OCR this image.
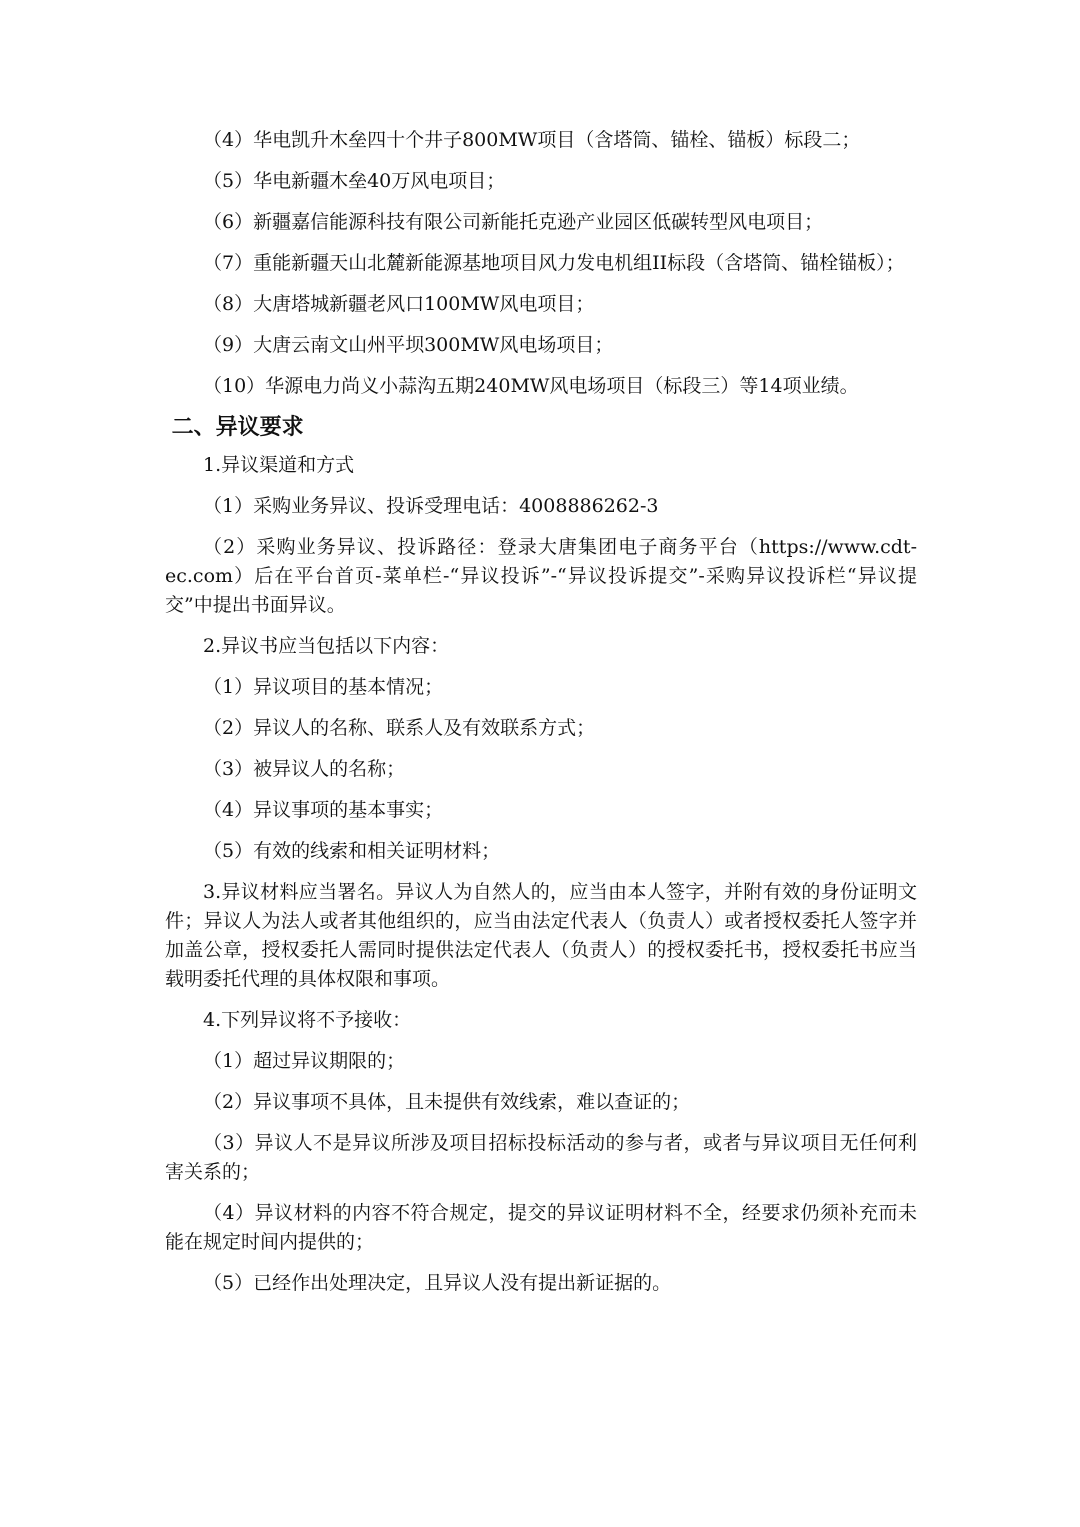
（4）华电凯升木垒四十个井子800MW项目（含塔筒、锚栓、锚板）标段二；

（5）华电新疆木垒40万风电项目；

（6）新疆嘉信能源科技有限公司新能托克逊产业园区低碳转型风电项目；

（7）重能新疆天山北麓新能源基地项目风力发电机组II标段（含塔筒、锚栓锚板）；

（8）大唐塔城新疆老风口100MW风电项目；

（9）大唐云南文山州平坝300MW风电场项目；

（10）华源电力尚义小蒜沟五期240MW风电场项目（标段三）等14项业绩。

二、异议要求

1.异议渠道和方式

（1）采购业务异议、投诉受理电话：4008886262-3

（2）采购业务异议、投诉路径：登录大唐集团电子商务平台（https://www.cdt-ec.com）后在平台首页-菜单栏-“异议投诉”-“异议投诉提交”-采购异议投诉栏“异议提交”中提出书面异议。

2.异议书应当包括以下内容：

（1）异议项目的基本情况；

（2）异议人的名称、联系人及有效联系方式；

（3）被异议人的名称；

（4）异议事项的基本事实；

（5）有效的线索和相关证明材料；

3.异议材料应当署名。异议人为自然人的，应当由本人签字，并附有效的身份证明文件；异议人为法人或者其他组织的，应当由法定代表人（负责人）或者授权委托人签字并加盖公章，授权委托人需同时提供法定代表人（负责人）的授权委托书，授权委托书应当载明委托代理的具体权限和事项。

4.下列异议将不予接收：

（1）超过异议期限的；

（2）异议事项不具体，且未提供有效线索，难以查证的；

（3）异议人不是异议所涉及项目招标投标活动的参与者，或者与异议项目无任何利害关系的；

（4）异议材料的内容不符合规定，提交的异议证明材料不全，经要求仍须补充而未能在规定时间内提供的；

（5）已经作出处理决定，且异议人没有提出新证据的。
